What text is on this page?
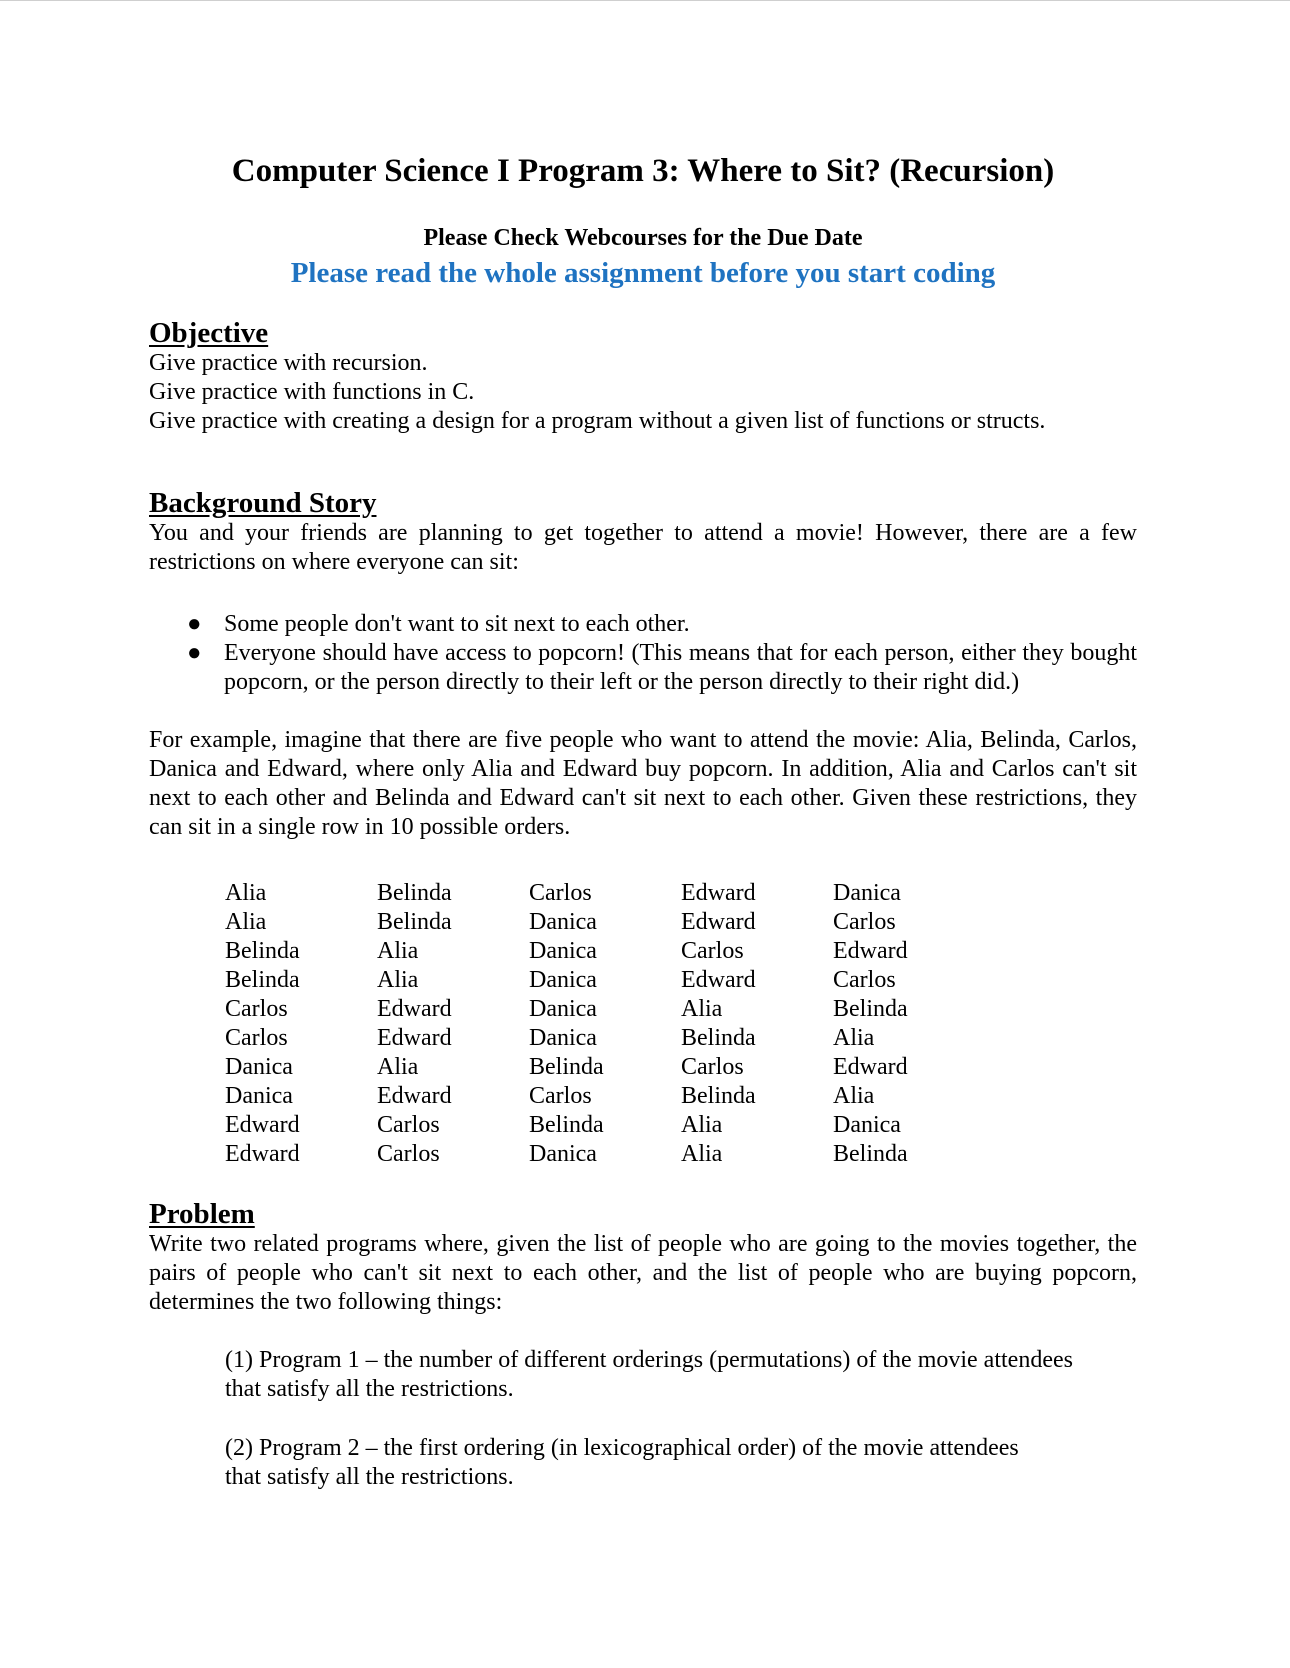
Computer Science I Program 3: Where to Sit? (Recursion)
Please Check Webcourses for the Due Date
Please read the whole assignment before you start coding
Objective
Give practice with recursion.
Give practice with functions in C.
Give practice with creating a design for a program without a given list of functions or structs.
Background Story
You and your friends are planning to get together to attend a movie! However, there are a few restrictions on where everyone can sit:
● Some people don't want to sit next to each other.
● Everyone should have access to popcorn! (This means that for each person, either they bought popcorn, or the person directly to their left or the person directly to their right did.)
For example, imagine that there are five people who want to attend the movie: Alia, Belinda, Carlos, Danica and Edward, where only Alia and Edward buy popcorn. In addition, Alia and Carlos can't sit next to each other and Belinda and Edward can't sit next to each other. Given these restrictions, they can sit in a single row in 10 possible orders.
Alia	Belinda	Carlos	Edward	Danica
Alia	Belinda	Danica	Edward	Carlos
Belinda	Alia	Danica	Carlos	Edward
Belinda	Alia	Danica	Edward	Carlos
Carlos	Edward	Danica	Alia	Belinda
Carlos	Edward	Danica	Belinda	Alia
Danica	Alia	Belinda	Carlos	Edward
Danica	Edward	Carlos	Belinda	Alia
Edward	Carlos	Belinda	Alia	Danica
Edward	Carlos	Danica	Alia	Belinda
Problem
Write two related programs where, given the list of people who are going to the movies together, the pairs of people who can't sit next to each other, and the list of people who are buying popcorn, determines the two following things:
(1) Program 1 – the number of different orderings (permutations) of the movie attendees
that satisfy all the restrictions.
(2) Program 2 – the first ordering (in lexicographical order) of the movie attendees
that satisfy all the restrictions.
